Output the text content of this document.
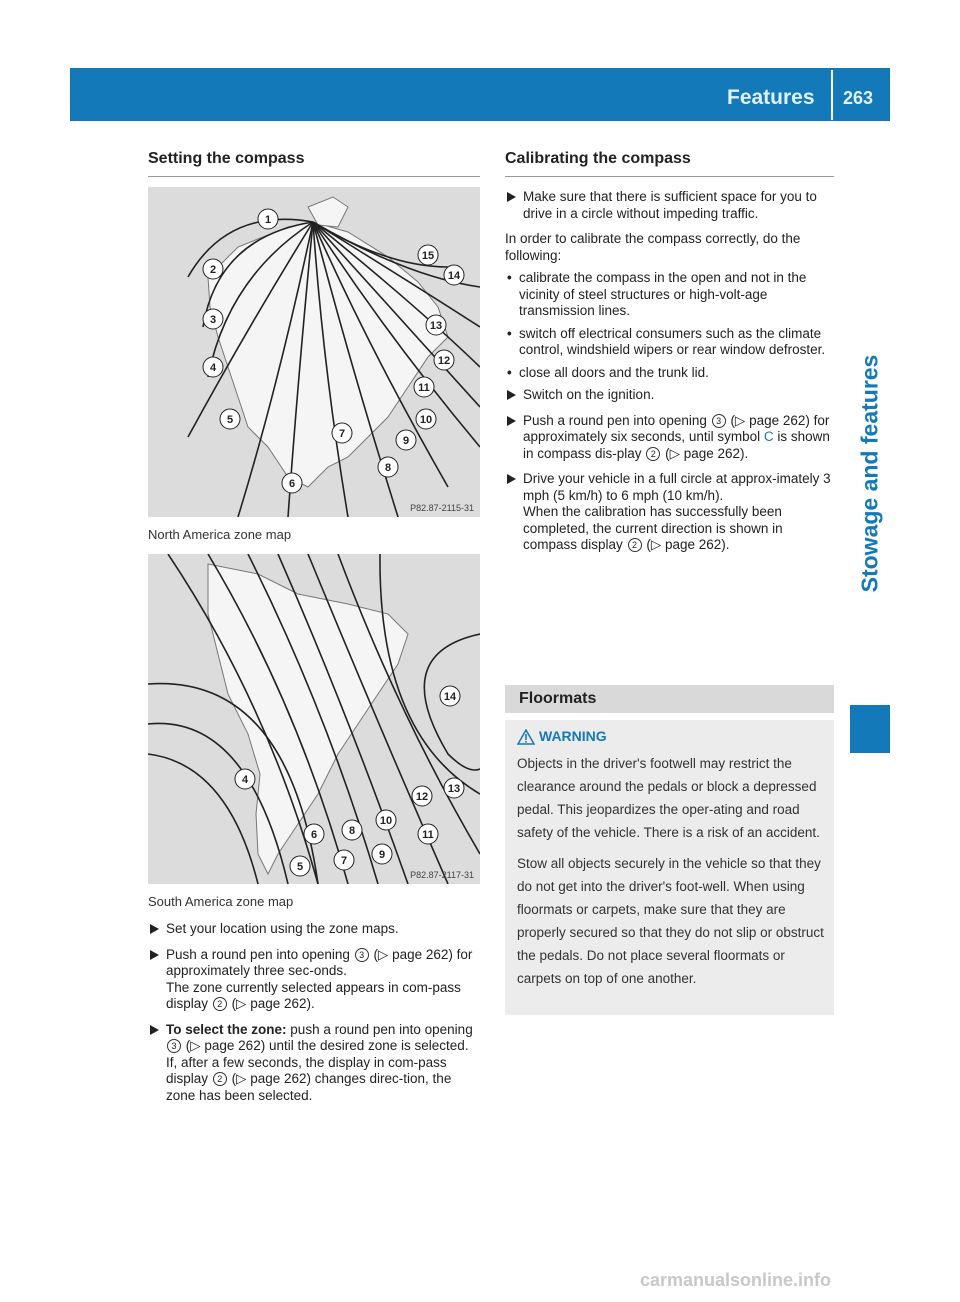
Features 263
Stowage and features
Setting the compass
1
2
3
4
5
6
7
8
9
10
11
12
13
14
15
P82.87-2115-31
North America zone map
4
5
6
7
8
9
10
11
12
13
14
P82.87-2117-31
South America zone map
Set your location using the zone maps.
Push a round pen into opening 3 (▷ page 262) for approximately three sec-onds.
The zone currently selected appears in com-pass display 2 (▷ page 262).
To select the zone: push a round pen into opening 3 (▷ page 262) until the desired zone is selected.
If, after a few seconds, the display in com-pass display 2 (▷ page 262) changes direc-tion, the zone has been selected.
Calibrating the compass
Make sure that there is sufficient space for you to drive in a circle without impeding traffic.

In order to calibrate the compass correctly, do the following:

• calibrate the compass in the open and not in the vicinity of steel structures or high-volt-age transmission lines.
• switch off electrical consumers such as the climate control, windshield wipers or rear window defroster.
• close all doors and the trunk lid.
Switch on the ignition.
Push a round pen into opening 3 (▷ page 262) for approximately six seconds, until symbol C is shown in compass dis-play 2 (▷ page 262).
Drive your vehicle in a full circle at approx-imately 3 mph (5 km/h) to 6 mph (10 km/h).
When the calibration has successfully been completed, the current direction is shown in compass display 2 (▷ page 262).
Floormats
WARNING

Objects in the driver's footwell may restrict the clearance around the pedals or block a depressed pedal. This jeopardizes the oper-ating and road safety of the vehicle. There is a risk of an accident.

Stow all objects securely in the vehicle so that they do not get into the driver's foot-well. When using floormats or carpets, make sure that they are properly secured so that they do not slip or obstruct the pedals. Do not place several floormats or carpets on top of one another.

carmanualsonline.info
